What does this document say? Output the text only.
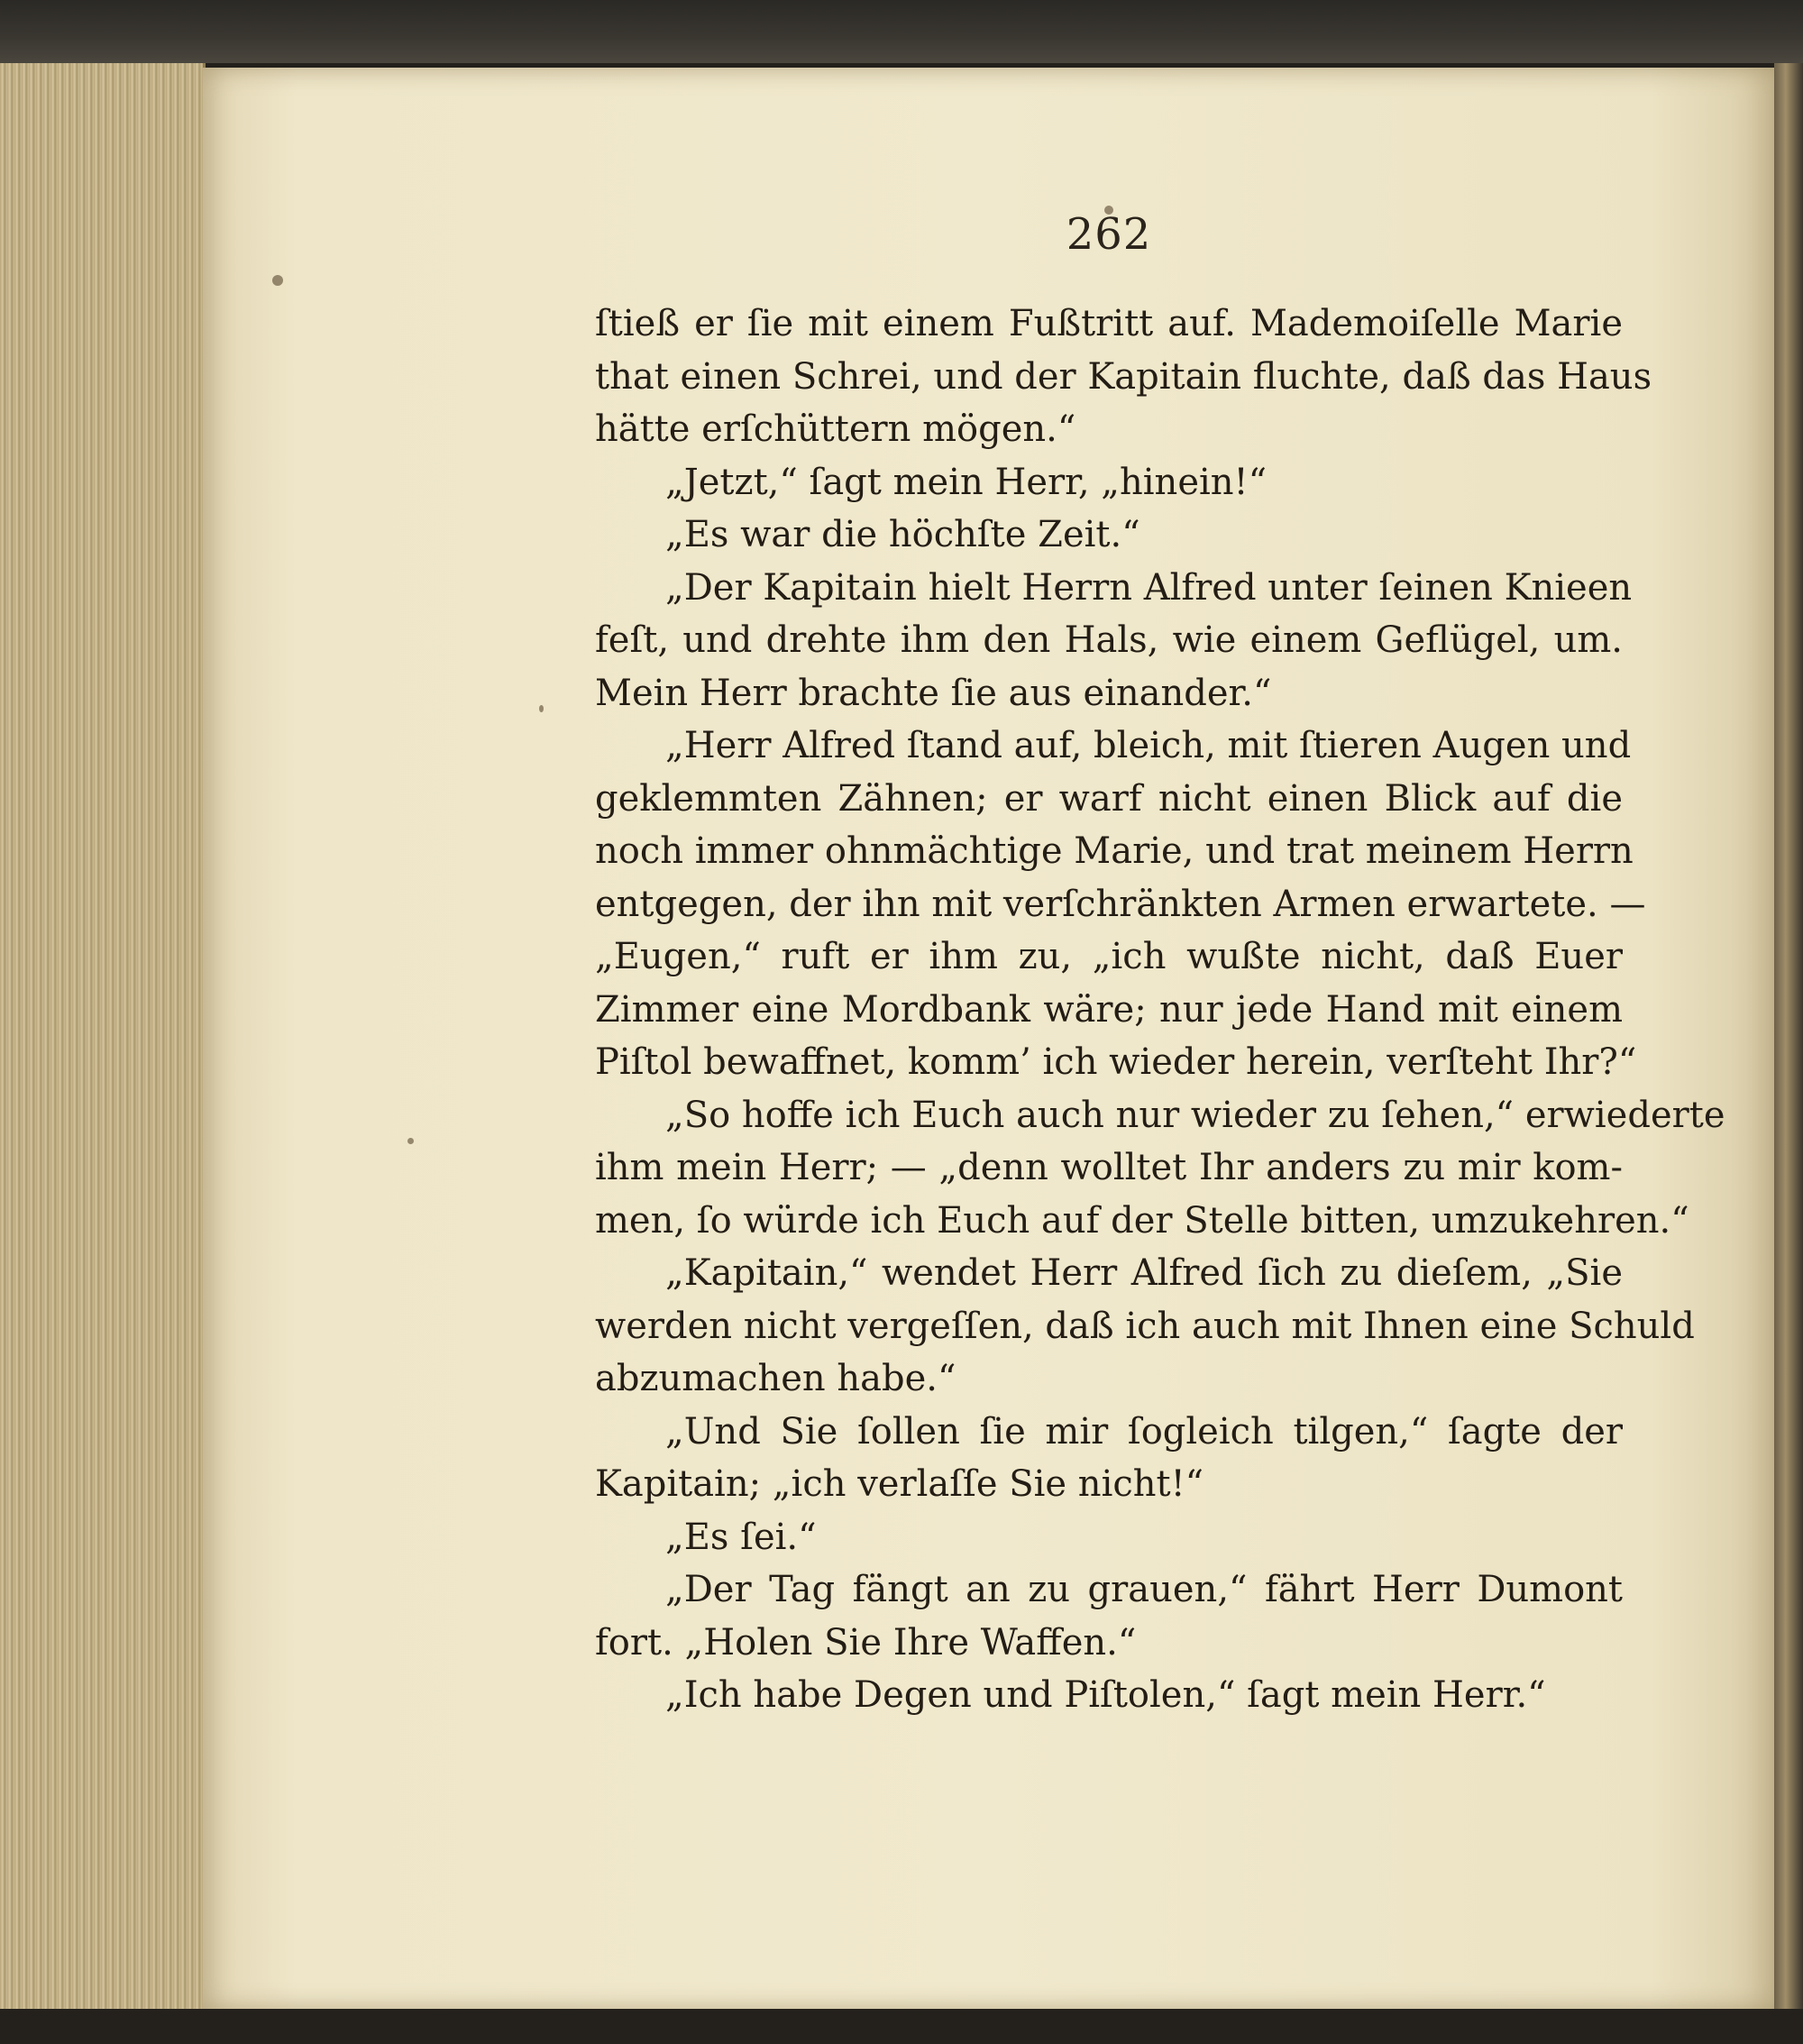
262
ſtieß er ſie mit einem Fußtritt auf. Mademoiſelle Marie
that einen Schrei, und der Kapitain fluchte, daß das Haus
hätte erſchüttern mögen.“
„Jetzt,“ ſagt mein Herr, „hinein!“
„Es war die höchſte Zeit.“
„Der Kapitain hielt Herrn Alfred unter ſeinen Knieen
feſt, und drehte ihm den Hals, wie einem Geflügel, um.
Mein Herr brachte ſie aus einander.“
„Herr Alfred ſtand auf, bleich, mit ſtieren Augen und
geklemmten Zähnen; er warf nicht einen Blick auf die
noch immer ohnmächtige Marie, und trat meinem Herrn
entgegen, der ihn mit verſchränkten Armen erwartete. —
„Eugen,“ ruft er ihm zu, „ich wußte nicht, daß Euer
Zimmer eine Mordbank wäre; nur jede Hand mit einem
Piſtol bewaffnet, komm’ ich wieder herein, verſteht Ihr?“
„So hoffe ich Euch auch nur wieder zu ſehen,“ erwiederte
ihm mein Herr; — „denn wolltet Ihr anders zu mir kom-
men, ſo würde ich Euch auf der Stelle bitten, umzukehren.“
„Kapitain,“ wendet Herr Alfred ſich zu dieſem, „Sie
werden nicht vergeſſen, daß ich auch mit Ihnen eine Schuld
abzumachen habe.“
„Und Sie ſollen ſie mir ſogleich tilgen,“ ſagte der
Kapitain; „ich verlaſſe Sie nicht!“
„Es ſei.“
„Der Tag fängt an zu grauen,“ fährt Herr Dumont
fort. „Holen Sie Ihre Waffen.“
„Ich habe Degen und Piſtolen,“ ſagt mein Herr.“
